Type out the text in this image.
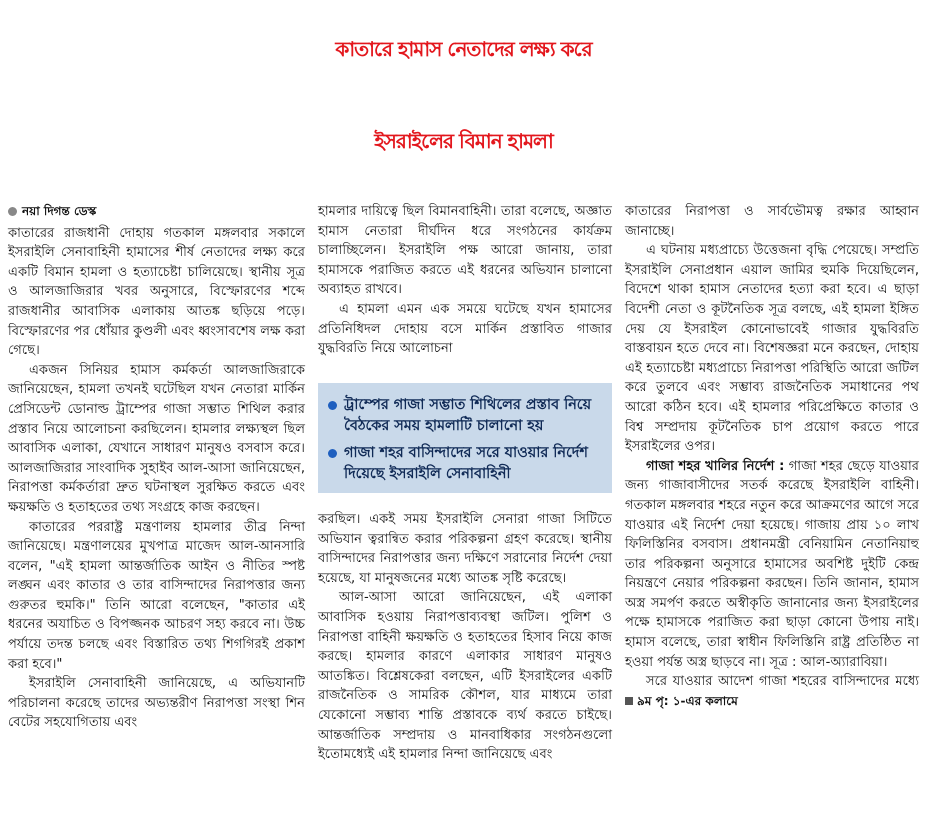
কাতারে হামাস নেতাদের লক্ষ্য করে
ইসরাইলের বিমান হামলা
নয়া দিগন্ত ডেস্ক

কাতারের রাজধানী দোহায় গতকাল মঙ্গলবার সকালে ইসরাইলি সেনাবাহিনী হামাসের শীর্ষ নেতাদের লক্ষ্য করে একটি বিমান হামলা ও হত্যাচেষ্টা চালিয়েছে। স্থানীয় সূত্র ও আলজাজিরার খবর অনুসারে, বিস্ফোরণের শব্দে রাজধানীর আবাসিক এলাকায় আতঙ্ক ছড়িয়ে পড়ে। বিস্ফোরণের পর ধোঁয়ার কুণ্ডলী এবং ধ্বংসাবশেষ লক্ষ করা গেছে।

একজন সিনিয়র হামাস কর্মকর্তা আলজাজিরাকে জানিয়েছেন, হামলা তখনই ঘটেছিল যখন নেতারা মার্কিন প্রেসিডেন্ট ডোনাল্ড ট্রাম্পের গাজা সম্ভাত শিথিল করার প্রস্তাব নিয়ে আলোচনা করছিলেন। হামলার লক্ষ্যস্থল ছিল আবাসিক এলাকা, যেখানে সাধারণ মানুষও বসবাস করে। আলজাজিরার সাংবাদিক সুহাইব আল-আসা জানিয়েছেন, নিরাপত্তা কর্মকর্তারা দ্রুত ঘটনাস্থল সুরক্ষিত করতে এবং ক্ষয়ক্ষতি ও হতাহতের তথ্য সংগ্রহে কাজ করছেন।

কাতারের পররাষ্ট্র মন্ত্রণালয় হামলার তীব্র নিন্দা জানিয়েছে। মন্ত্রণালয়ের মুখপাত্র মাজেদ আল-আনসারি বলেন, "এই হামলা আন্তর্জাতিক আইন ও নীতির স্পষ্ট লঙ্ঘন এবং কাতার ও তার বাসিন্দাদের নিরাপত্তার জন্য গুরুতর হুমকি।" তিনি আরো বলেছেন, "কাতার এই ধরনের অযাচিত ও বিপজ্জনক আচরণ সহ্য করবে না। উচ্চ পর্যায়ে তদন্ত চলছে এবং বিস্তারিত তথ্য শিগগিরই প্রকাশ করা হবে।"

ইসরাইলি সেনাবাহিনী জানিয়েছে, এ অভিযানটি পরিচালনা করেছে তাদের অভ্যন্তরীণ নিরাপত্তা সংস্থা শিন বেটের সহযোগিতায় এবং

হামলার দায়িত্বে ছিল বিমানবাহিনী। তারা বলেছে, অজ্ঞাত হামাস নেতারা দীর্ঘদিন ধরে সংগঠনের কার্যক্রম চালাচ্ছিলেন। ইসরাইলি পক্ষ আরো জানায়, তারা হামাসকে পরাজিত করতে এই ধরনের অভিযান চালানো অব্যাহত রাখবে।

এ হামলা এমন এক সময়ে ঘটেছে যখন হামাসের প্রতিনিধিদল দোহায় বসে মার্কিন প্রস্তাবিত গাজার যুদ্ধবিরতি নিয়ে আলোচনা

ট্রাম্পের গাজা সম্ভাত শিথিলের প্রস্তাব নিয়ে বৈঠকের সময় হামলাটি চালানো হয়
গাজা শহর বাসিন্দাদের সরে যাওয়ার নির্দেশ দিয়েছে ইসরাইলি সেনাবাহিনী

করছিল। একই সময় ইসরাইলি সেনারা গাজা সিটিতে অভিযান ত্বরান্বিত করার পরিকল্পনা গ্রহণ করেছে। স্থানীয় বাসিন্দাদের নিরাপত্তার জন্য দক্ষিণে সরানোর নির্দেশ দেয়া হয়েছে, যা মানুষজনের মধ্যে আতঙ্ক সৃষ্টি করেছে।

আল-আসা আরো জানিয়েছেন, এই এলাকা আবাসিক হওয়ায় নিরাপত্তাব্যবস্থা জটিল। পুলিশ ও নিরাপত্তা বাহিনী ক্ষয়ক্ষতি ও হতাহতের হিসাব নিয়ে কাজ করছে। হামলার কারণে এলাকার সাধারণ মানুষও আতঙ্কিত। বিশ্লেষকেরা বলছেন, এটি ইসরাইলের একটি রাজনৈতিক ও সামরিক কৌশল, যার মাধ্যমে তারা যেকোনো সম্ভাব্য শান্তি প্রস্তাবকে ব্যর্থ করতে চাইছে। আন্তর্জাতিক সম্প্রদায় ও মানবাধিকার সংগঠনগুলো ইতোমধ্যেই এই হামলার নিন্দা জানিয়েছে এবং

কাতারের নিরাপত্তা ও সার্বভৌমত্ব রক্ষার আহ্বান জানাচ্ছে।

এ ঘটনায় মধ্যপ্রাচ্যে উত্তেজনা বৃদ্ধি পেয়েছে। সম্প্রতি ইসরাইলি সেনাপ্রধান এয়াল জামির হুমকি দিয়েছিলেন, বিদেশে থাকা হামাস নেতাদের হত্যা করা হবে। এ ছাড়া বিদেশী নেতা ও কূটনৈতিক সূত্র বলছে, এই হামলা ইঙ্গিত দেয় যে ইসরাইল কোনোভাবেই গাজার যুদ্ধবিরতি বাস্তবায়ন হতে দেবে না। বিশেষজ্ঞরা মনে করছেন, দোহায় এই হত্যাচেষ্টা মধ্যপ্রাচ্যে নিরাপত্তা পরিস্থিতি আরো জটিল করে তুলবে এবং সম্ভাব্য রাজনৈতিক সমাধানের পথ আরো কঠিন হবে। এই হামলার পরিপ্রেক্ষিতে কাতার ও বিশ্ব সম্প্রদায় কূটনৈতিক চাপ প্রয়োগ করতে পারে ইসরাইলের ওপর।

গাজা শহর খালির নির্দেশ : গাজা শহর ছেড়ে যাওয়ার জন্য গাজাবাসীদের সতর্ক করেছে ইসরাইলি বাহিনী। গতকাল মঙ্গলবার শহরে নতুন করে আক্রমণের আগে সরে যাওয়ার এই নির্দেশ দেয়া হয়েছে। গাজায় প্রায় ১০ লাখ ফিলিস্তিনির বসবাস। প্রধানমন্ত্রী বেনিয়ামিন নেতানিয়াহু তার পরিকল্পনা অনুসারে হামাসের অবশিষ্ট দুইটি কেন্দ্র নিয়ন্ত্রণে নেয়ার পরিকল্পনা করছেন। তিনি জানান, হামাস অস্ত্র সমর্পণ করতে অস্বীকৃতি জানানোর জন্য ইসরাইলের পক্ষে হামাসকে পরাজিত করা ছাড়া কোনো উপায় নাই। হামাস বলেছে, তারা স্বাধীন ফিলিস্তিনি রাষ্ট্র প্রতিষ্ঠিত না হওয়া পর্যন্ত অস্ত্র ছাড়বে না। সূত্র : আল-অ্যারাবিয়া।

সরে যাওয়ার আদেশ গাজা শহরের বাসিন্দাদের মধ্যে ৯ম পৃ: ১-এর কলামে
